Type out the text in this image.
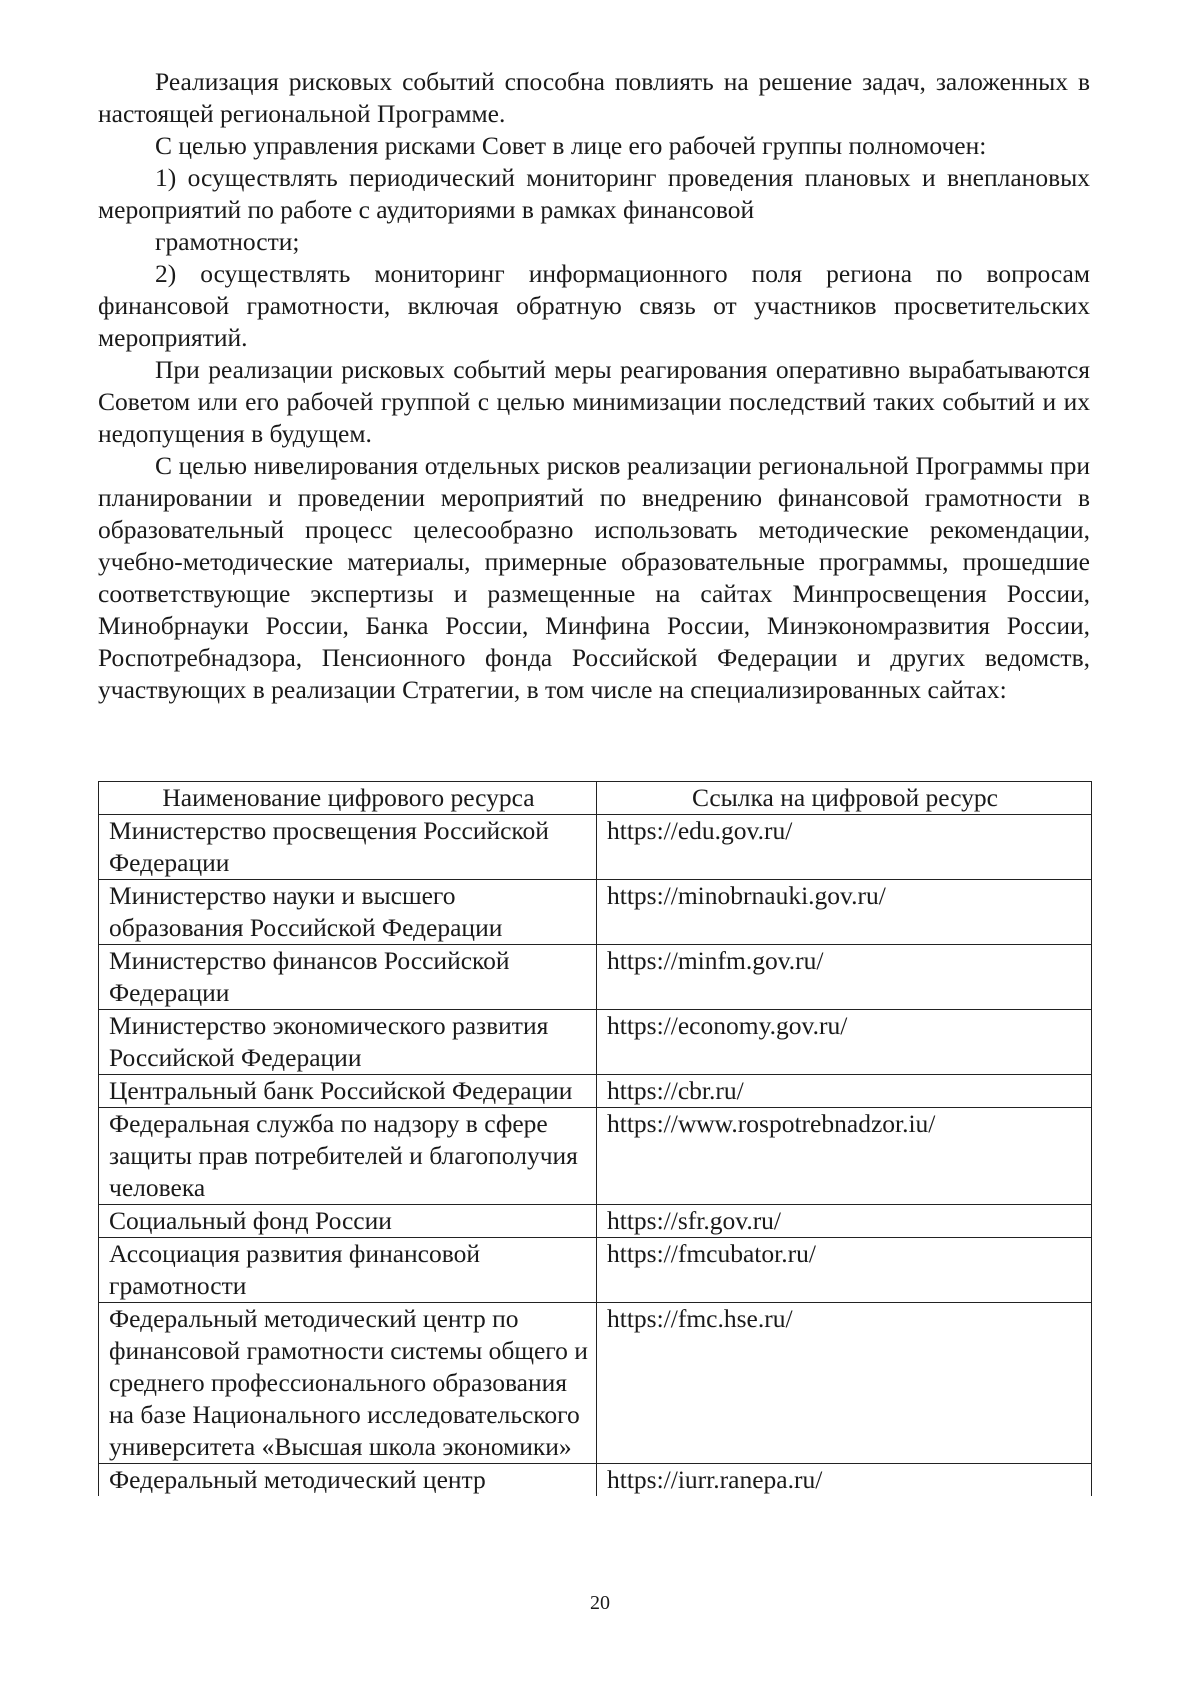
Реализация рисковых событий способна повлиять на решение задач, заложенных в настоящей региональной Программе.

С целью управления рисками Совет в лице его рабочей группы полномочен:

1) осуществлять периодический мониторинг проведения плановых и внеплановых мероприятий по работе с аудиториями в рамках финансовой

грамотности;

2) осуществлять мониторинг информационного поля региона по вопросам финансовой грамотности, включая обратную связь от участников просветительских мероприятий.

При реализации рисковых событий меры реагирования оперативно вырабатываются Советом или его рабочей группой с целью минимизации последствий таких событий и их недопущения в будущем.

С целью нивелирования отдельных рисков реализации региональной Программы при планировании и проведении мероприятий по внедрению финансовой грамотности в образовательный процесс целесообразно использовать методические рекомендации, учебно-методические материалы, примерные образовательные программы, прошедшие соответствующие экспертизы и размещенные на сайтах Минпросвещения России, Минобрнауки России, Банка России, Минфина России, Минэкономразвития России, Роспотребнадзора, Пенсионного фонда Российской Федерации и других ведомств, участвующих в реализации Стратегии, в том числе на специализированных сайтах:

Наименование цифрового ресурса	Ссылка на цифровой ресурс
Министерство просвещения Российской Федерации	https://edu.gov.ru/
Министерство науки и высшего образования Российской Федерации	https://minobrnauki.gov.ru/
Министерство финансов Российской Федерации	https://minfm.gov.ru/
Министерство экономического развития Российской Федерации	https://economy.gov.ru/
Центральный банк Российской Федерации	https://cbr.ru/
Федеральная служба по надзору в сфере защиты прав потребителей и благополучия человека	https://www.rospotrebnadzor.iu/
Социальный фонд России	https://sfr.gov.ru/
Ассоциация развития финансовой грамотности	https://fmcubator.ru/
Федеральный методический центр по финансовой грамотности системы общего и среднего профессионального образования на базе Национального исследовательского университета «Высшая школа экономики»	https://fmc.hse.ru/
Федеральный методический центр	https://iurr.ranepa.ru/
20
